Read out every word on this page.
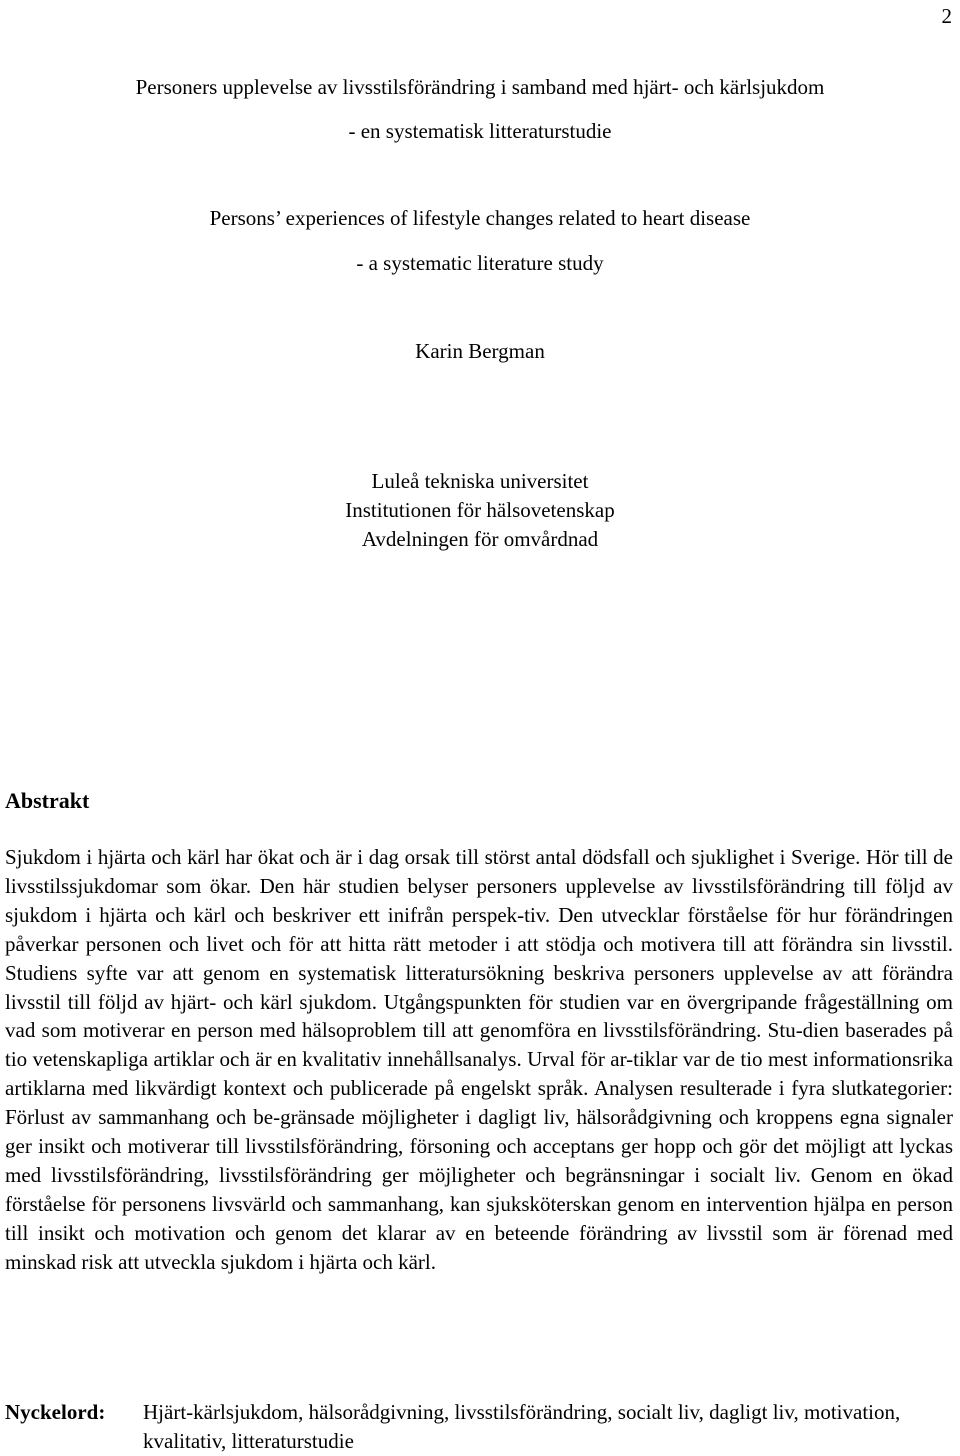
2

Personers upplevelse av livsstilsförändring i samband med hjärt- och kärlsjukdom

- en systematisk litteraturstudie

Persons’ experiences of lifestyle changes related to heart disease

- a systematic literature study

Karin Bergman

Luleå tekniska universitet

Institutionen för hälsovetenskap

Avdelningen för omvårdnad

Abstrakt

Sjukdom i hjärta och kärl har ökat och är i dag orsak till störst antal dödsfall och sjuklighet i Sverige. Hör till de livsstilssjukdomar som ökar. Den här studien belyser personers upplevelse av livsstilsförändring till följd av sjukdom i hjärta och kärl och beskriver ett inifrån perspek-tiv. Den utvecklar förståelse för hur förändringen påverkar personen och livet och för att hitta rätt metoder i att stödja och motivera till att förändra sin livsstil. Studiens syfte var att genom en systematisk litteratursökning beskriva personers upplevelse av att förändra livsstil till följd av hjärt- och kärl sjukdom. Utgångspunkten för studien var en övergripande frågeställning om vad som motiverar en person med hälsoproblem till att genomföra en livsstilsförändring. Stu-dien baserades på tio vetenskapliga artiklar och är en kvalitativ innehållsanalys. Urval för ar-tiklar var de tio mest informationsrika artiklarna med likvärdigt kontext och publicerade på engelskt språk. Analysen resulterade i fyra slutkategorier: Förlust av sammanhang och be-gränsade möjligheter i dagligt liv, hälsorådgivning och kroppens egna signaler ger insikt och motiverar till livsstilsförändring, försoning och acceptans ger hopp och gör det möjligt att lyckas med livsstilsförändring, livsstilsförändring ger möjligheter och begränsningar i socialt liv. Genom en ökad förståelse för personens livsvärld och sammanhang, kan sjuksköterskan genom en intervention hjälpa en person till insikt och motivation och genom det klarar av en beteende förändring av livsstil som är förenad med minskad risk att utveckla sjukdom i hjärta och kärl.

Nyckelord:	Hjärt-kärlsjukdom, hälsorådgivning, livsstilsförändring, socialt liv, dagligt liv, motivation, kvalitativ, litteraturstudie
